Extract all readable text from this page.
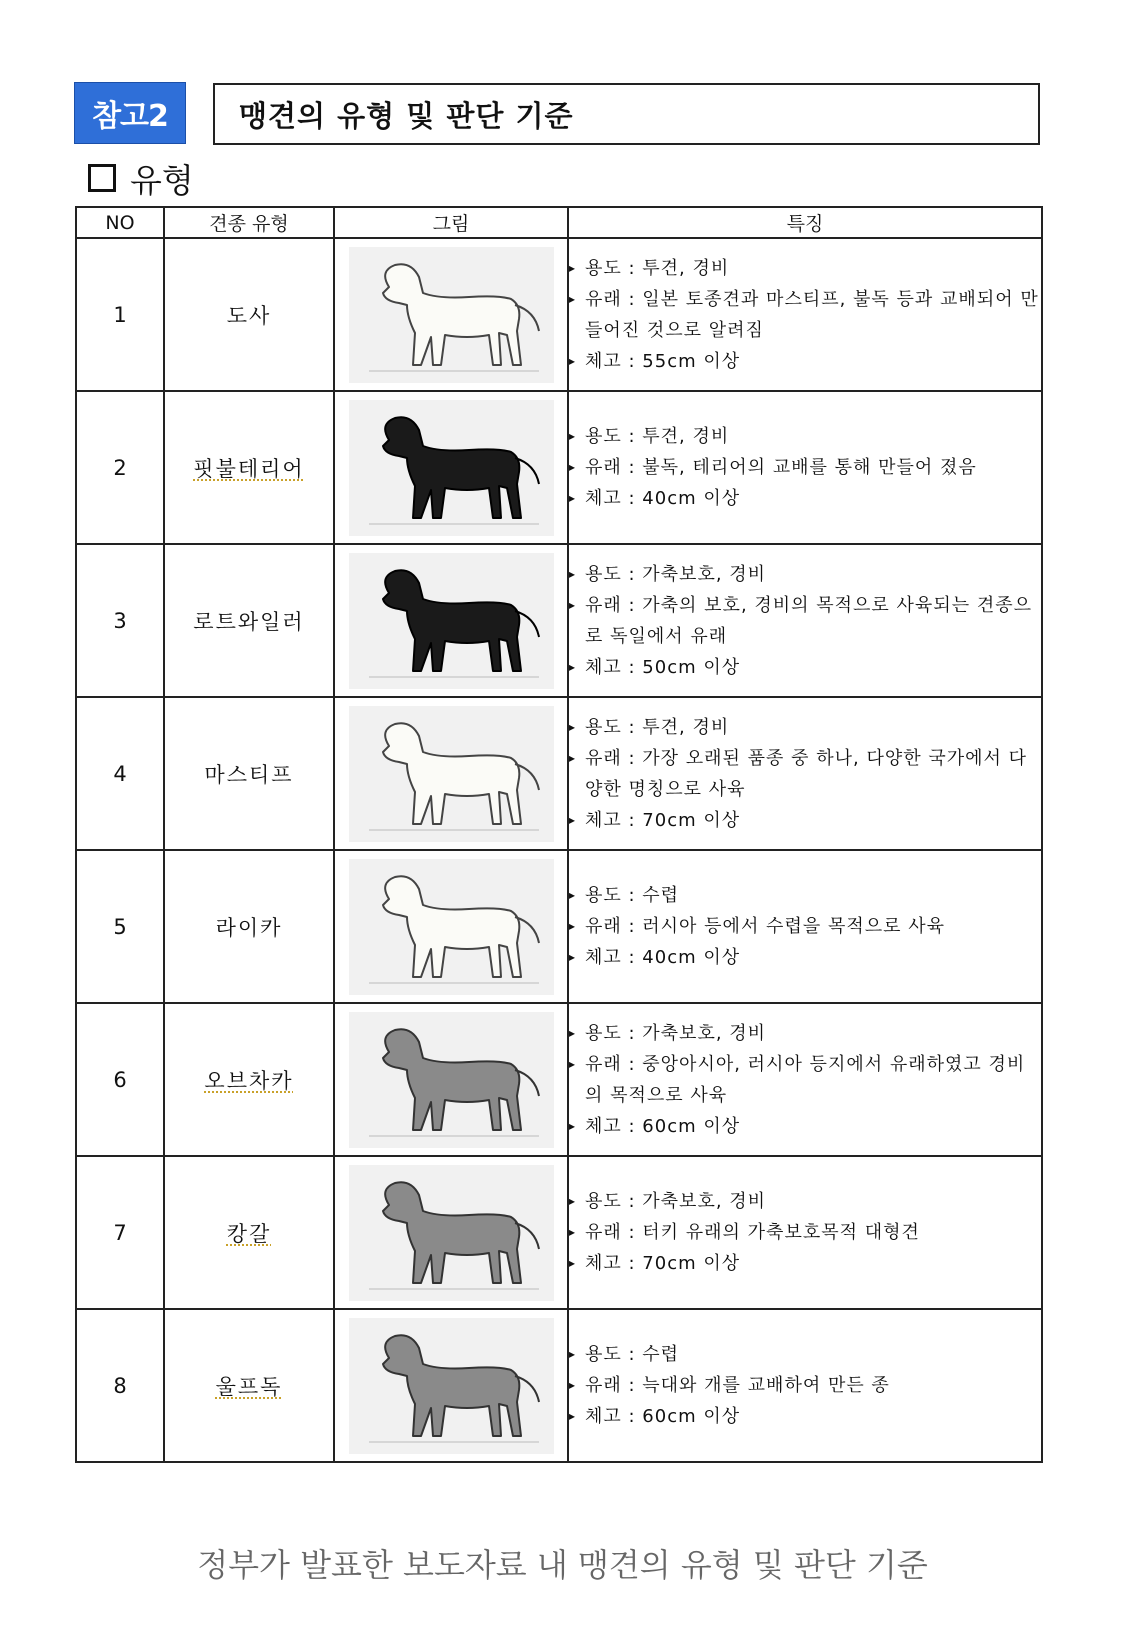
참고2	맹견의 유형 및 판단 기준
유형
NO	견종 유형	그림	특징
1	도사		▸ 용도 : 투견, 경비
▸ 유래 : 일본 토종견과 마스티프, 불독 등과 교배되어 만들어진 것으로 알려짐
▸ 체고 : 55cm 이상

2	핏불테리어		▸ 용도 : 투견, 경비
▸ 유래 : 불독, 테리어의 교배를 통해 만들어 졌음
▸ 체고 : 40cm 이상

3	로트와일러		▸ 용도 : 가축보호, 경비
▸ 유래 : 가축의 보호, 경비의 목적으로 사육되는 견종으로 독일에서 유래
▸ 체고 : 50cm 이상

4	마스티프		▸ 용도 : 투견, 경비
▸ 유래 : 가장 오래된 품종 중 하나, 다양한 국가에서 다양한 명칭으로 사육
▸ 체고 : 70cm 이상

5	라이카		▸ 용도 : 수렵
▸ 유래 : 러시아 등에서 수렵을 목적으로 사육
▸ 체고 : 40cm 이상

6	오브차카		▸ 용도 : 가축보호, 경비
▸ 유래 : 중앙아시아, 러시아 등지에서 유래하였고 경비의 목적으로 사육
▸ 체고 : 60cm 이상

7	캉갈		▸ 용도 : 가축보호, 경비
▸ 유래 : 터키 유래의 가축보호목적 대형견
▸ 체고 : 70cm 이상

8	울프독		▸ 용도 : 수렵
▸ 유래 : 늑대와 개를 교배하여 만든 종
▸ 체고 : 60cm 이상
정부가 발표한 보도자료 내 맹견의 유형 및 판단 기준
